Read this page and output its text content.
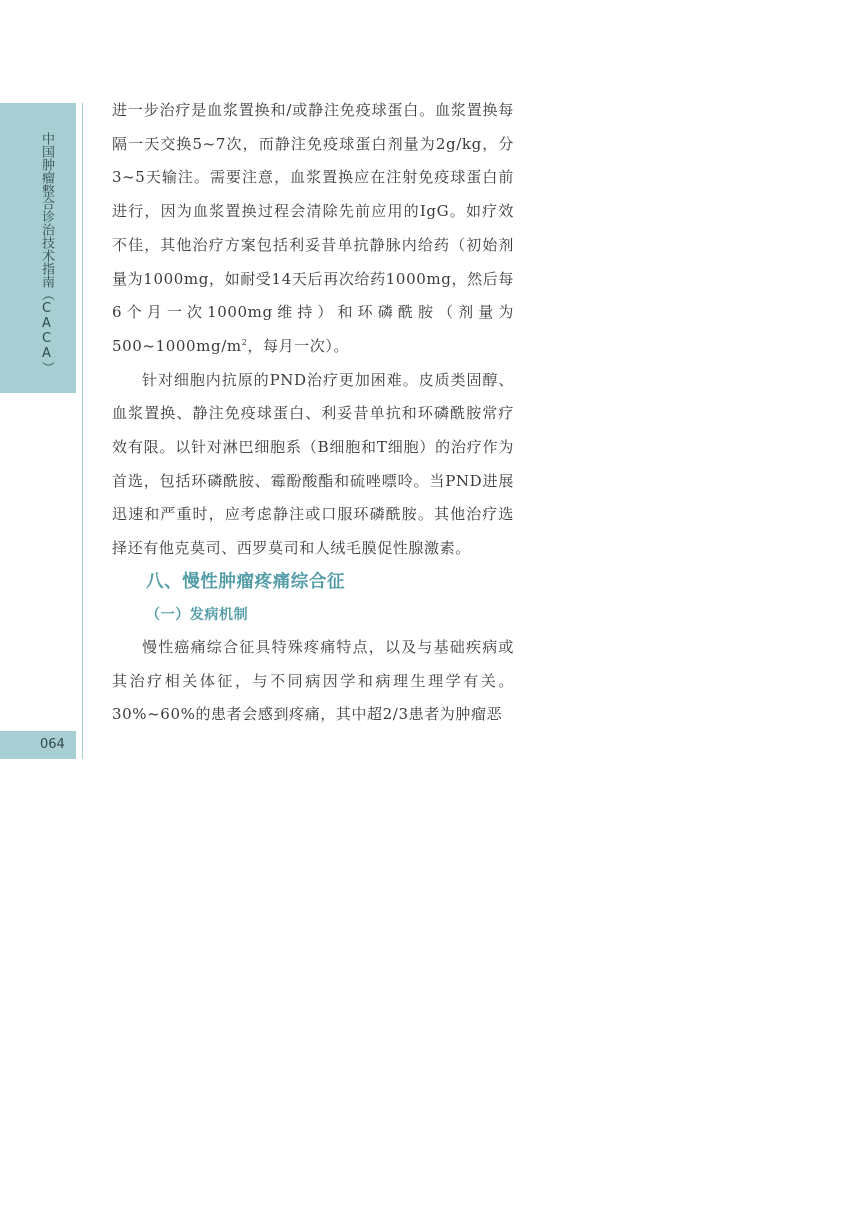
中国肿瘤整合诊治技术指南（CACA）
064

进一步治疗是血浆置换和/或静注免疫球蛋白。血浆置换每隔一天交换5~7次，而静注免疫球蛋白剂量为2g/kg，分3~5天输注。需要注意，血浆置换应在注射免疫球蛋白前进行，因为血浆置换过程会清除先前应用的IgG。如疗效不佳，其他治疗方案包括利妥昔单抗静脉内给药（初始剂量为1000mg，如耐受14天后再次给药1000mg，然后每6个月一次1000mg维持）和环磷酰胺（剂量为$500\sim 1000mg/m^2$，每月一次）。

针对细胞内抗原的PND治疗更加困难。皮质类固醇、血浆置换、静注免疫球蛋白、利妥昔单抗和环磷酰胺常疗效有限。以针对淋巴细胞系（B细胞和T细胞）的治疗作为首选，包括环磷酰胺、霉酚酸酯和硫唑嘌呤。当PND进展迅速和严重时，应考虑静注或口服环磷酰胺。其他治疗选择还有他克莫司、西罗莫司和人绒毛膜促性腺激素。

八、慢性肿瘤疼痛综合征
（一）发病机制

慢性癌痛综合征具特殊疼痛特点，以及与基础疾病或其治疗相关体征，与不同病因学和病理生理学有关。30%~60%的患者会感到疼痛，其中超2/3患者为肿瘤恶
